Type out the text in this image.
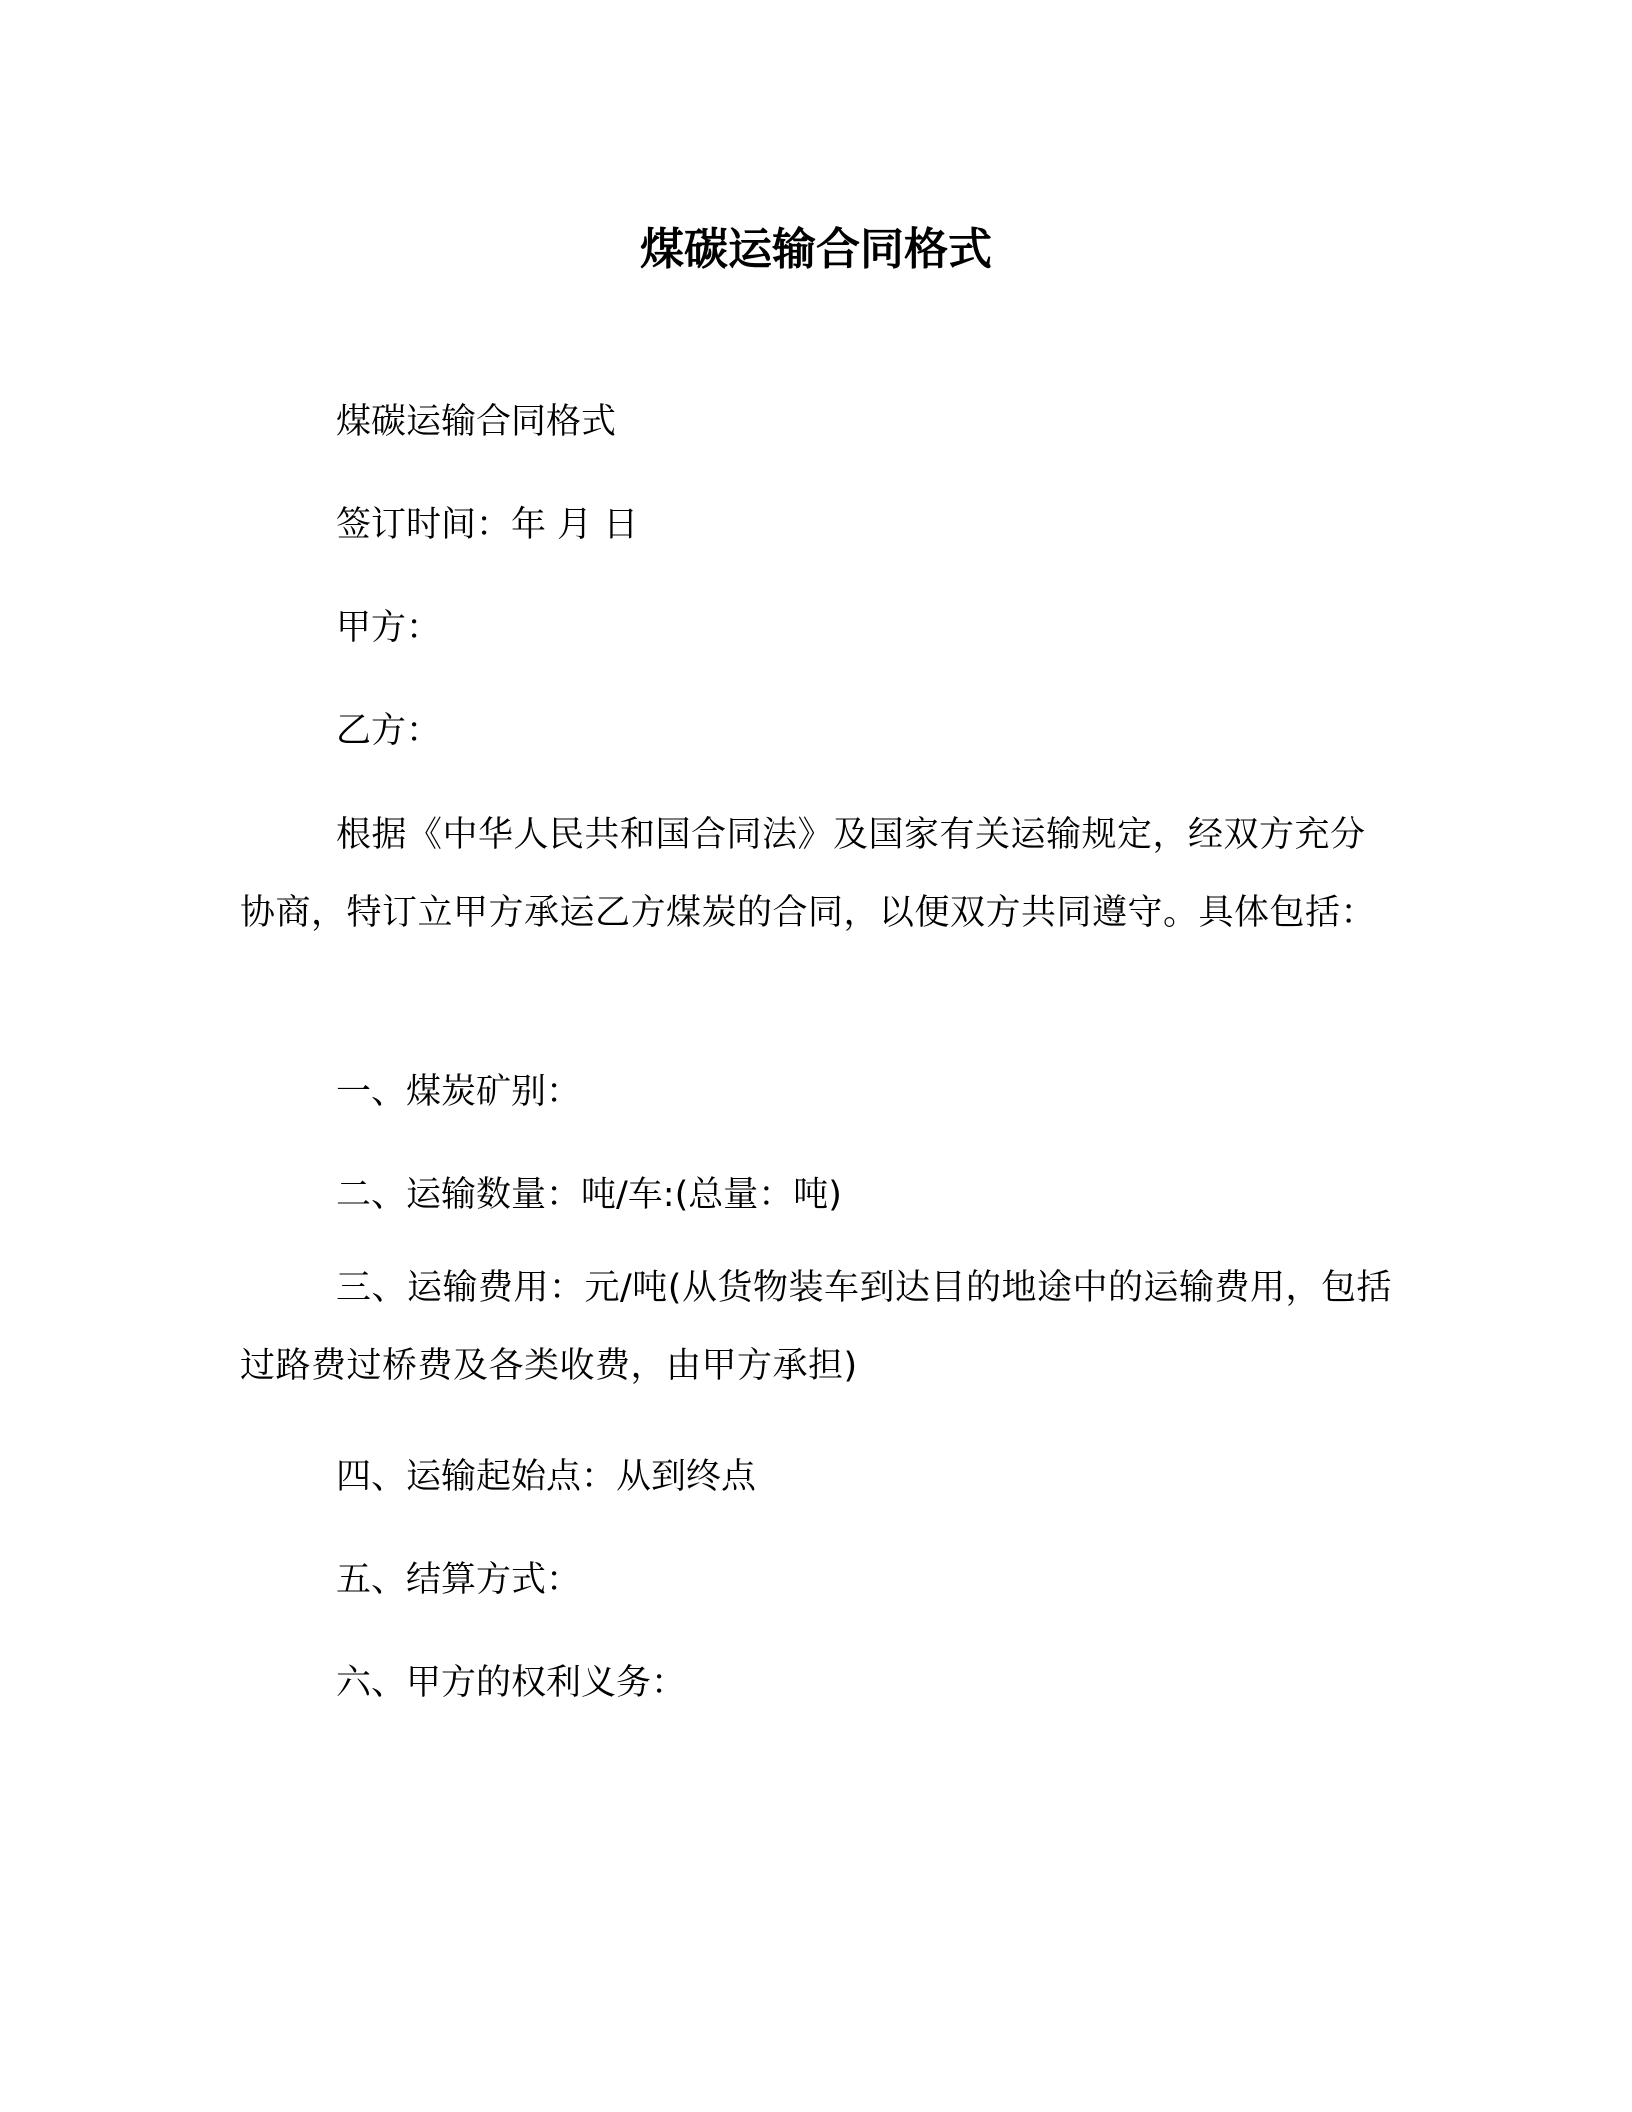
煤碳运输合同格式

煤碳运输合同格式

签订时间：年 月 日

甲方：

乙方：

根据《中华人民共和国合同法》及国家有关运输规定，经双方充分协商，特订立甲方承运乙方煤炭的合同，以便双方共同遵守。具体包括：

一、煤炭矿别：

二、运输数量：吨/车:(总量：吨)

三、运输费用：元/吨(从货物装车到达目的地途中的运输费用，包括过路费过桥费及各类收费，由甲方承担)

四、运输起始点：从到终点

五、结算方式：

六、甲方的权利义务：
